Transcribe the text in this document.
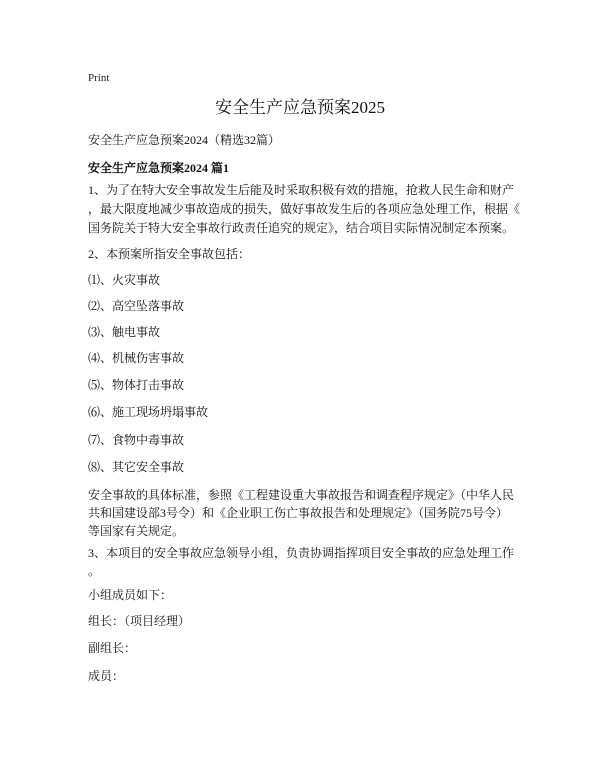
Print
安全生产应急预案2025
安全生产应急预案2024（精选32篇）
安全生产应急预案2024 篇1
1、为了在特大安全事故发生后能及时采取积极有效的措施，抢救人民生命和财产
，最大限度地减少事故造成的损失，做好事故发生后的各项应急处理工作，根据《
国务院关于特大安全事故行政责任追究的规定》，结合项目实际情况制定本预案。
2、本预案所指安全事故包括：
⑴、火灾事故
⑵、高空坠落事故
⑶、触电事故
⑷、机械伤害事故
⑸、物体打击事故
⑹、施工现场坍塌事故
⑺、食物中毒事故
⑻、其它安全事故
安全事故的具体标准，参照《工程建设重大事故报告和调查程序规定》（中华人民
共和国建设部3号令）和《企业职工伤亡事故报告和处理规定》（国务院75号令）
等国家有关规定。
3、本项目的安全事故应急领导小组，负责协调指挥项目安全事故的应急处理工作
。
小组成员如下：
组长：（项目经理）
副组长：
成员：
